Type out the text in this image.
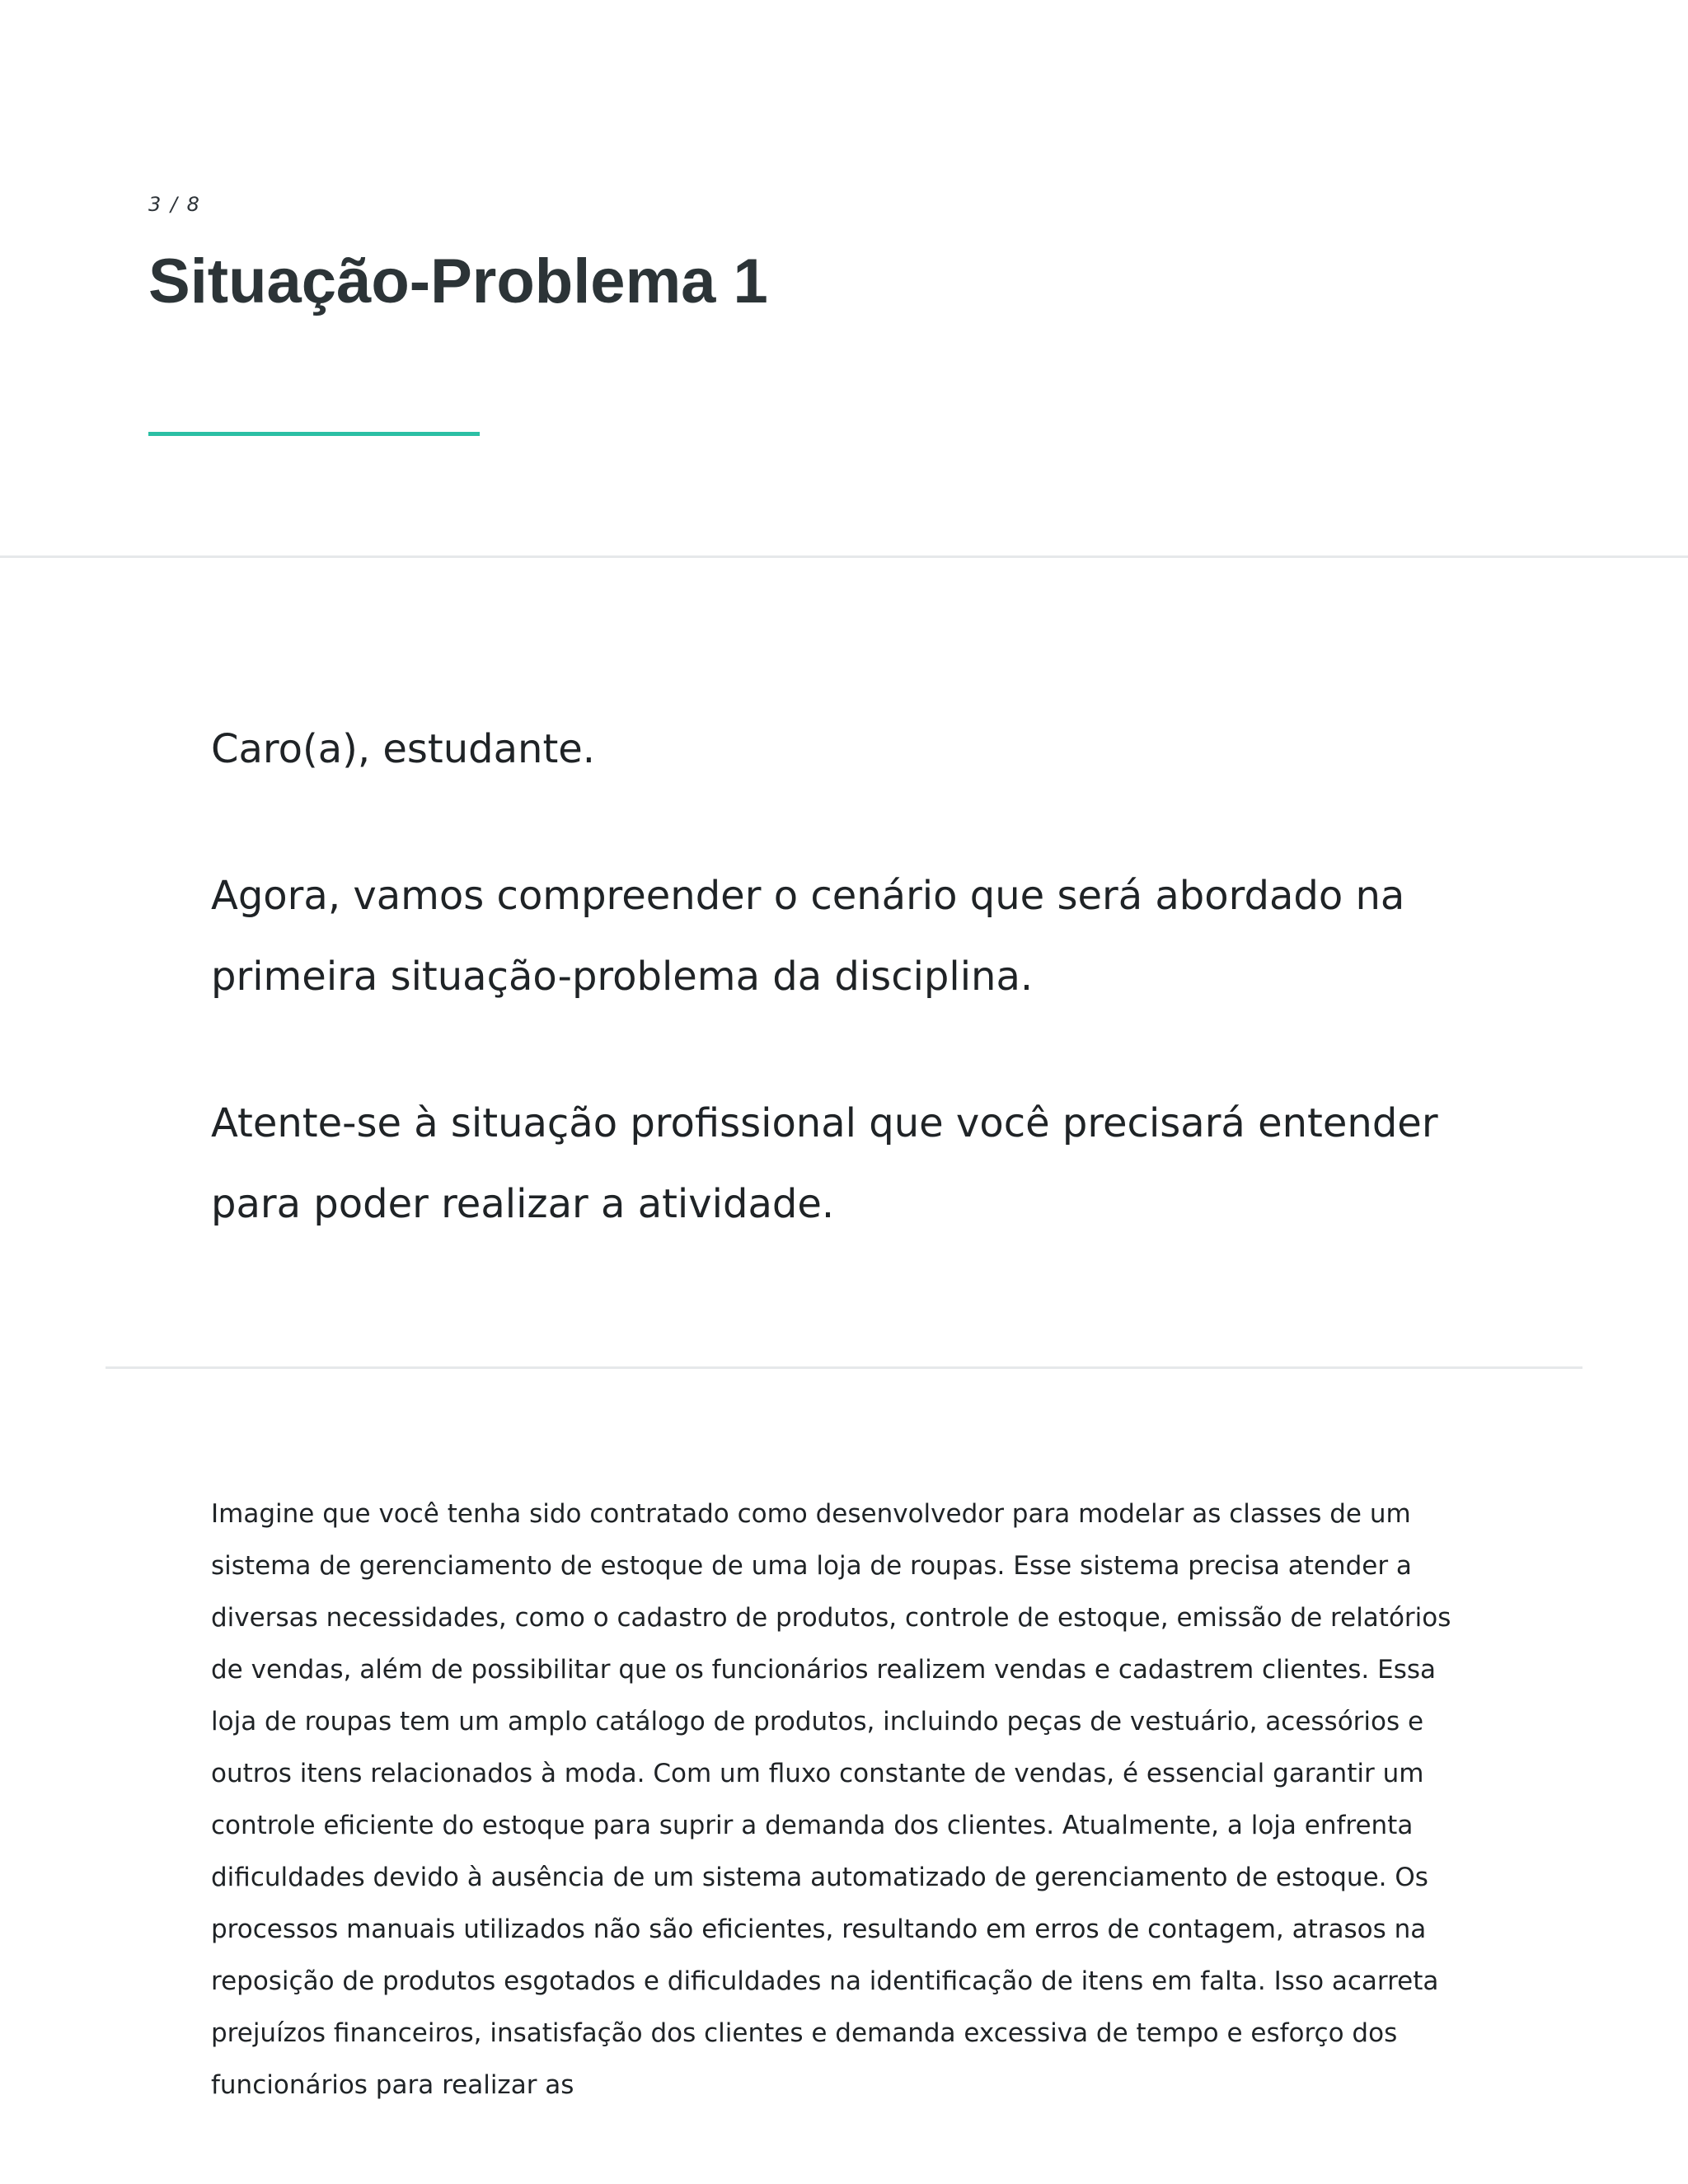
3 / 8
Situação-Problema 1

Caro(a), estudante.

Agora, vamos compreender o cenário que será abordado na primeira situação-problema da disciplina.

Atente-se à situação profissional que você precisará entender para poder realizar a atividade.

Imagine que você tenha sido contratado como desenvolvedor para modelar as classes de um sistema de gerenciamento de estoque de uma loja de roupas. Esse sistema precisa atender a diversas necessidades, como o cadastro de produtos, controle de estoque, emissão de relatórios de vendas, além de possibilitar que os funcionários realizem vendas e cadastrem clientes. Essa loja de roupas tem um amplo catálogo de produtos, incluindo peças de vestuário, acessórios e outros itens relacionados à moda. Com um fluxo constante de vendas, é essencial garantir um controle eficiente do estoque para suprir a demanda dos clientes. Atualmente, a loja enfrenta dificuldades devido à ausência de um sistema automatizado de gerenciamento de estoque. Os processos manuais utilizados não são eficientes, resultando em erros de contagem, atrasos na reposição de produtos esgotados e dificuldades na identificação de itens em falta. Isso acarreta prejuízos financeiros, insatisfação dos clientes e demanda excessiva de tempo e esforço dos funcionários para realizar as
